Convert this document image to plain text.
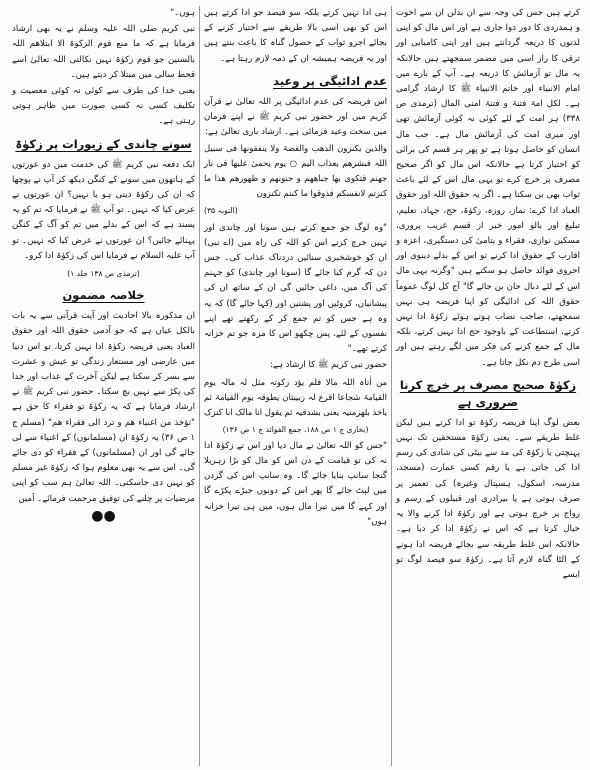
کرتے ہیں جس کی وجہ سے ان بدلن ان سے اخوت و ہمدردی کا دور دوا جاری ہے اور اس مال کو اپنی لذتوں کا ذریعہ گردانتے ہیں اور اپنی کامیابی اور ترقی کا راز اسی میں مضمر سمجھتے ہیں حالانکہ یہ مال تو آزمائش کا ذریعہ ہے۔ آپ کے بارے میں امام الانبیاء اور خاتم الانبیاء ﷺ کا ارشاد گرامی ہے۔ لکل امۃ فتنۃ و فتنۃ امتی المال (ترمذی ص ٣٣٨) ہر امت کے لئے کوئی نہ کوئی آزمائش تھی اور میری امت کی آزمائش مال ہے۔ جب مال انسان کو حاصل ہوتا ہے تو پھر ہر قسم کی برائی کو اختیار کرتا ہے حالانکہ اس مال کو اگر صحیح مصرف پر خرچ کرے تو یہی مال اس کے لئے باعث ثواب بھی بن سکتا ہے۔ اگر یہ حقوق اللہ اور حقوق العباد ادا کرے: نماز، روزہ، زکوٰۃ، حج، جہاد، تعلیم، تبلیغ اور بالو امور خیر از قسم غریب پروری، مسکین نوازی، فقراء و یتامیٰ کی دستگیری، اعزہ و اقارب کے حقوق ادا کرنے تو اس کے بدلے دینوی اور اخروی فوائد حاصل ہو سکتے ہیں "وگرنہ یہی مال اس کے لئے دبال جان بن جائے گا" آج کل لوگ عموماً حقوق اللہ کی ادائیگی کو اپنا فریضہ ہی نہیں سمجھتے، صاحب نصاب ہوتے ہوئے زکوٰۃ ادا نہیں کرتے، استطاعت کے باوجود حج ادا نہیں کرتے، بلکہ مال کے جمع کرنے کی فکر میں لگے رہتے ہیں اور اسی طرح دم نکل جاتا ہے۔

زکوٰۃ صحیح مصرف پر خرچ کرنا ضروری ہے

بعض لوگ اپنا فریضہ زکوٰۃ تو ادا کرتے ہیں لیکن غلط طریقے سے۔ یعنی زکوٰۃ مستحقین تک نہیں پہنچتی یا زکوٰۃ کی مد سے بیٹی کی شادی کی رسم ادا کی جاتی ہے یا رقم کسی عمارت (مسجد، مدرسہ، اسکول، ہسپتال وغیرہ) کی تعمیر پر صرف ہوتی ہے یا بیرادری اور قبیلوں کے رسم و رواج پر خرچ ہوتی ہے اور زکوٰۃ ادا کرنے والا یہ خیال کرتا ہے کہ اس نے زکوٰۃ ادا کر دیا ہے۔ حالانکہ اس غلط طریقہ سے بجائے فریضہ ادا ہونے کے الٹا گناہ لازم آتا ہے۔ زکوٰۃ سو فیصد لوگ تو ایسے

ہی ادا نہیں کرتے بلکہ سو فیصد جو ادا کرتے ہیں اس کو بھی اسی بالا طریقے سے اختیار کرنے کے بجائے اجرو ثواب کے حصول گناہ کا باعث بنتے ہیں اور یہ فریضہ ہمیشہ ان کے ذمہ لازم رہتا ہے۔

عدم ادائیگی پر وعید

اس فریضہ کی عدم ادائیگی پر اللہ تعالیٰ نے قرآن کریم میں اور حضور نبی کریم ﷺ نے اپنے فرمان میں سخت وعید فرمائی ہے۔ ارشاد باری تعالیٰ ہے:

والذین یکنزون الذھب والفضۃ ولا ینفقونھا فی سبیل اللہ فبشرھم بعذاب الیم ○ یوم یحمیٰ علیھا فی نار جھنم فتکوی بھا جباھھم و جنوبھم و ظھورھم ھذا ما کنزتم لانفسکم فذوقوا ما کنتم تکنزون

(التوبہ ۳۵)

"وہ لوگ جو جمع کرتے ہیں سونا اور چاندی اور نہیں خرچ کرتے اس کو اللہ کی راہ میں (اے نبی) ان کو خوشخبری سنائیں دردناک عذاب کی۔ جس دن کہ گرم کیا جائے گا (سونا اور چاندی) کو جہنم کی آگ میں، داغی جائیں گی ان کے ساتھ ان کی پیشانیاں، کروٹیں اور پشتیں اور (کہا جائے گا) کہ یہ وہ ہے جس کو تم جمع کر کے رکھتے تھے اپنے نفسوں کے لئے، پس چکھو اس کا مزہ جو تم خزانہ کرتے تھے۔"

حضور نبی کریم ﷺ کا ارشاد ہے:

من اٰتاہ اللہ مالا فلم یؤد زکوتہ مثل لہ مالہ یوم القیامۃ شجاعا اقرع لہ زبیبتان یطوقہ یوم القیامۃ ثم یاخذ بلھزمتیہ یعنی بشدقیہ ثم یقول انا مالک انا کنزک

(بخاری ج ۱ ص ۱۸۸، جمع الفوائد ج ۱ ص ۱۳۶)

"جس کو اللہ تعالیٰ نے مال دیا اور اس نے زکوٰۃ ادا نہ کی تو قیامت کے دن اس کو مال کو بڑا زہریلا گنجا سانپ بنایا جائے گا۔ وہ سانپ اس کی گردن میں لپٹ جائے گا پھر اس کے دونوں جبڑے پکڑے گا اور کہے گا میں تیرا مال ہوں، میں ہی تیرا خزانہ ہوں"

ہوں۔"

نبی کریم صلی اللہ علیہ وسلم نے یہ بھی ارشاد فرمایا ہے کہ ما منع قوم الزکوۃ الا ابتلاھم اللہ بالسنین جو قوم زکوٰۃ نہیں نکالتی اللہ تعالیٰ اسے قحط سالی میں مبتلا کر دیتے ہیں۔

یعنی خدا کی طرف سے کوئی نہ کوئی معصیت و تکلیف کسی نہ کسی صورت میں ظاہر ہوتی رہتی ہے۔

سونے چاندی کے زیورات پر زکوٰۃ

ایک دفعہ نبی کریم ﷺ کی خدمت میں دو عورتوں کے ہاتھوں میں سونے کے کنگن دیکھ کر آپ نے پوچھا کہ ان کی زکوٰۃ دیتی ہو یا نہیں؟ ان عورتوں نے عرض کیا کہ نہیں۔ تو آپ ﷺ نے فرمایا کہ تم کو یہ پسند ہے کہ اس کے بدلے میں تم کو آگ کے کنگن پہنائے جائیں؟ ان عورتوں نے عرض کیا کہ نہیں۔ تو آپ علیہ السلام نے فرمایا اس کی زکوٰۃ ادا کرو۔

(ترمذی ص ۱۳۸ جلد ۱)
خلاصہ مضمون

ان مذکورہ بالا احادیث اور آیت قرآنی سے یہ بات بالکل عیاں ہے کہ جو آدمی حقوق اللہ اور حقوق العباد یعنی فریضہ زکوٰۃ ادا نہیں کرتا، تو اس دنیا میں عارضی اور مستعار زندگی تو عیش و عشرت سے بسر کر سکتا ہے لیکن آخرت کے عذاب اور خدا کی پکڑ سے نہیں بچ سکتا۔ حضور نبی کریم ﷺ نے ارشاد فرمایا ہے کہ یہ زکوٰۃ تو فقراء کا حق ہے "تؤخذ من اغنیاء ھم و ترد الی فقراء ھم" (مسلم ج ۱ ص ۳۶) یہ زکوٰۃ ان (مسلمانوں) کے اغنیاء سے لی جائے گی اور ان (مسلمانوں) کے فقراء کو دی جائے گی۔ اس سے یہ بھی معلوم ہوا کہ زکوٰۃ غیر مسلم کو نہیں دی جاسکتی۔ اللہ تعالیٰ ہم سب کو اپنی مرضیات پر چلنے کی توفیق مرحمت فرمائے۔ آمین

●●
